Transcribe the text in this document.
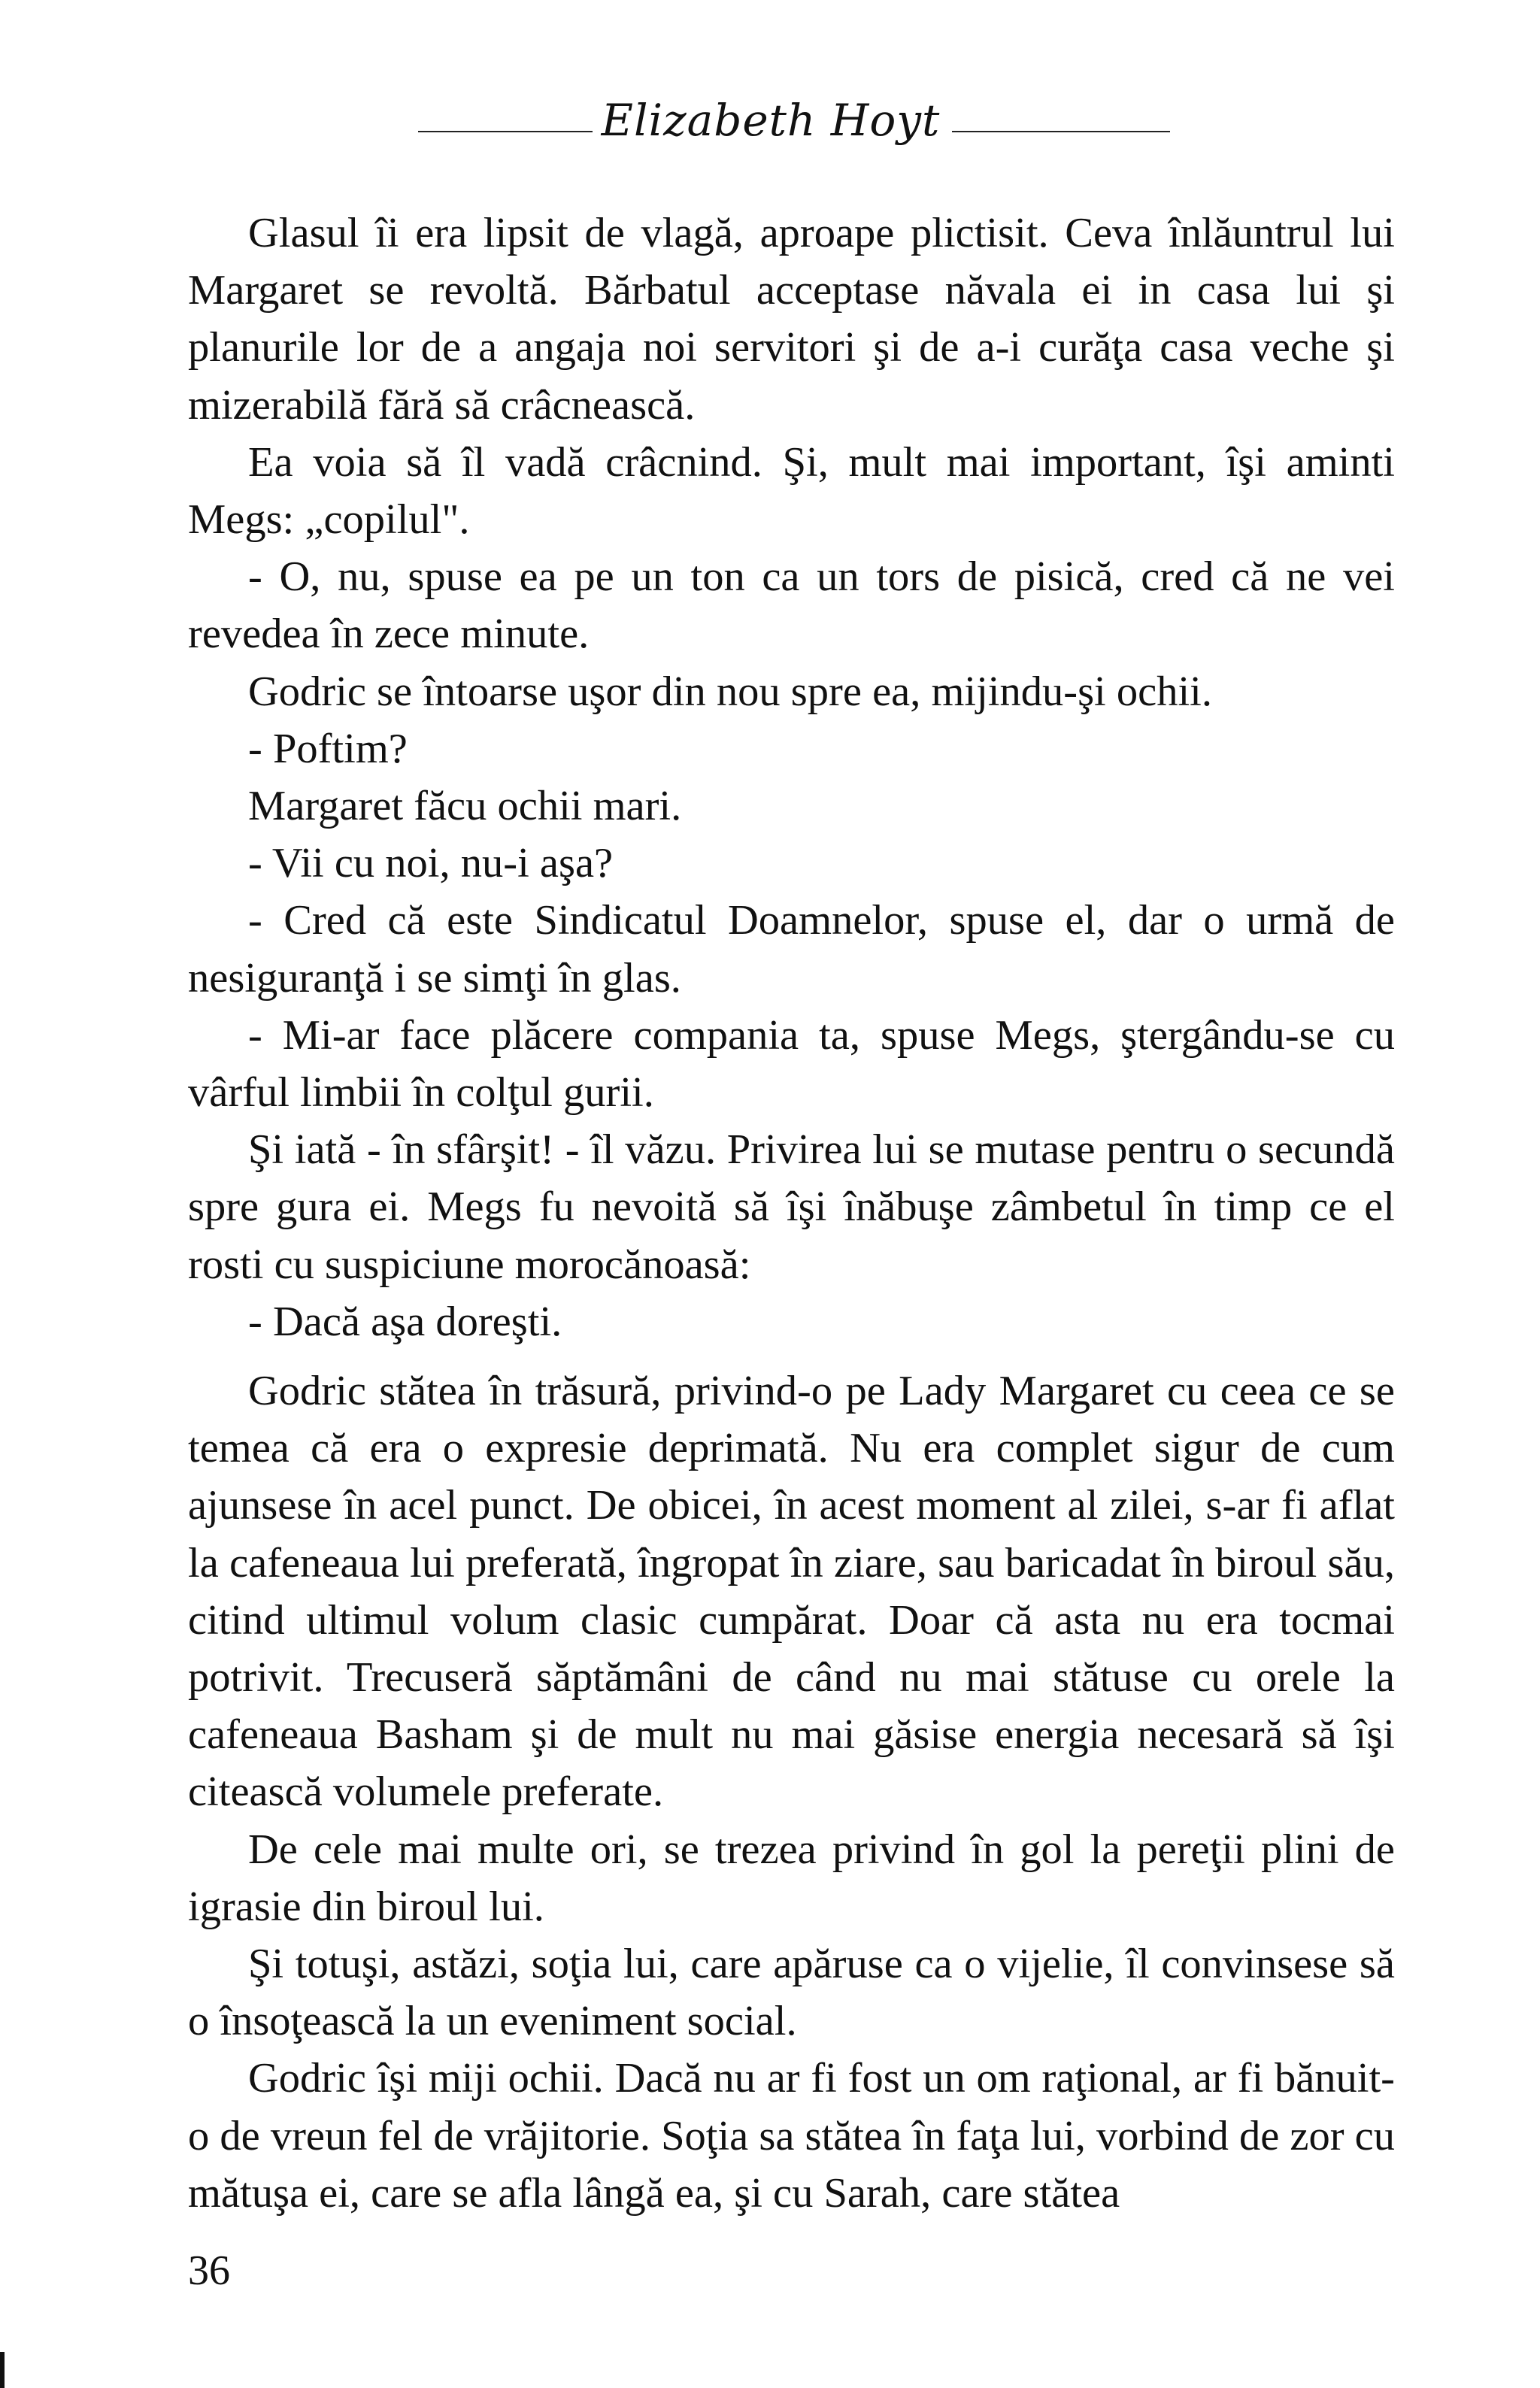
Elizabeth Hoyt

Glasul îi era lipsit de vlagă, aproape plictisit. Ceva înlăuntrul lui Margaret se revoltă. Bărbatul acceptase năvala ei in casa lui şi planurile lor de a angaja noi servitori şi de a-i curăţa casa veche şi mizerabilă fără să crâcnească.

Ea voia să îl vadă crâcnind. Şi, mult mai important, îşi aminti Megs: „copilul".

- O, nu, spuse ea pe un ton ca un tors de pisică, cred că ne vei revedea în zece minute.

Godric se întoarse uşor din nou spre ea, mijindu-şi ochii.

- Poftim?

Margaret făcu ochii mari.

- Vii cu noi, nu-i aşa?

- Cred că este Sindicatul Doamnelor, spuse el, dar o urmă de nesiguranţă i se simţi în glas.

- Mi-ar face plăcere compania ta, spuse Megs, ştergându-se cu vârful limbii în colţul gurii.

Şi iată - în sfârşit! - îl văzu. Privirea lui se mutase pentru o secundă spre gura ei. Megs fu nevoită să îşi înăbuşe zâmbetul în timp ce el rosti cu suspiciune morocănoasă:

- Dacă aşa doreşti.

Godric stătea în trăsură, privind-o pe Lady Margaret cu ceea ce se temea că era o expresie deprimată. Nu era complet sigur de cum ajunsese în acel punct. De obicei, în acest moment al zilei, s-ar fi aflat la cafeneaua lui preferată, îngropat în ziare, sau baricadat în biroul său, citind ultimul volum clasic cumpărat. Doar că asta nu era tocmai potrivit. Trecuseră săptămâni de când nu mai stătuse cu orele la cafeneaua Basham şi de mult nu mai găsise energia necesară să îşi citească volumele preferate.

De cele mai multe ori, se trezea privind în gol la pereţii plini de igrasie din biroul lui.

Şi totuşi, astăzi, soţia lui, care apăruse ca o vijelie, îl convinsese să o însoţească la un eveniment social.

Godric îşi miji ochii. Dacă nu ar fi fost un om raţional, ar fi bănuit-o de vreun fel de vrăjitorie. Soţia sa stătea în faţa lui, vorbind de zor cu mătuşa ei, care se afla lângă ea, şi cu Sarah, care stătea

36
